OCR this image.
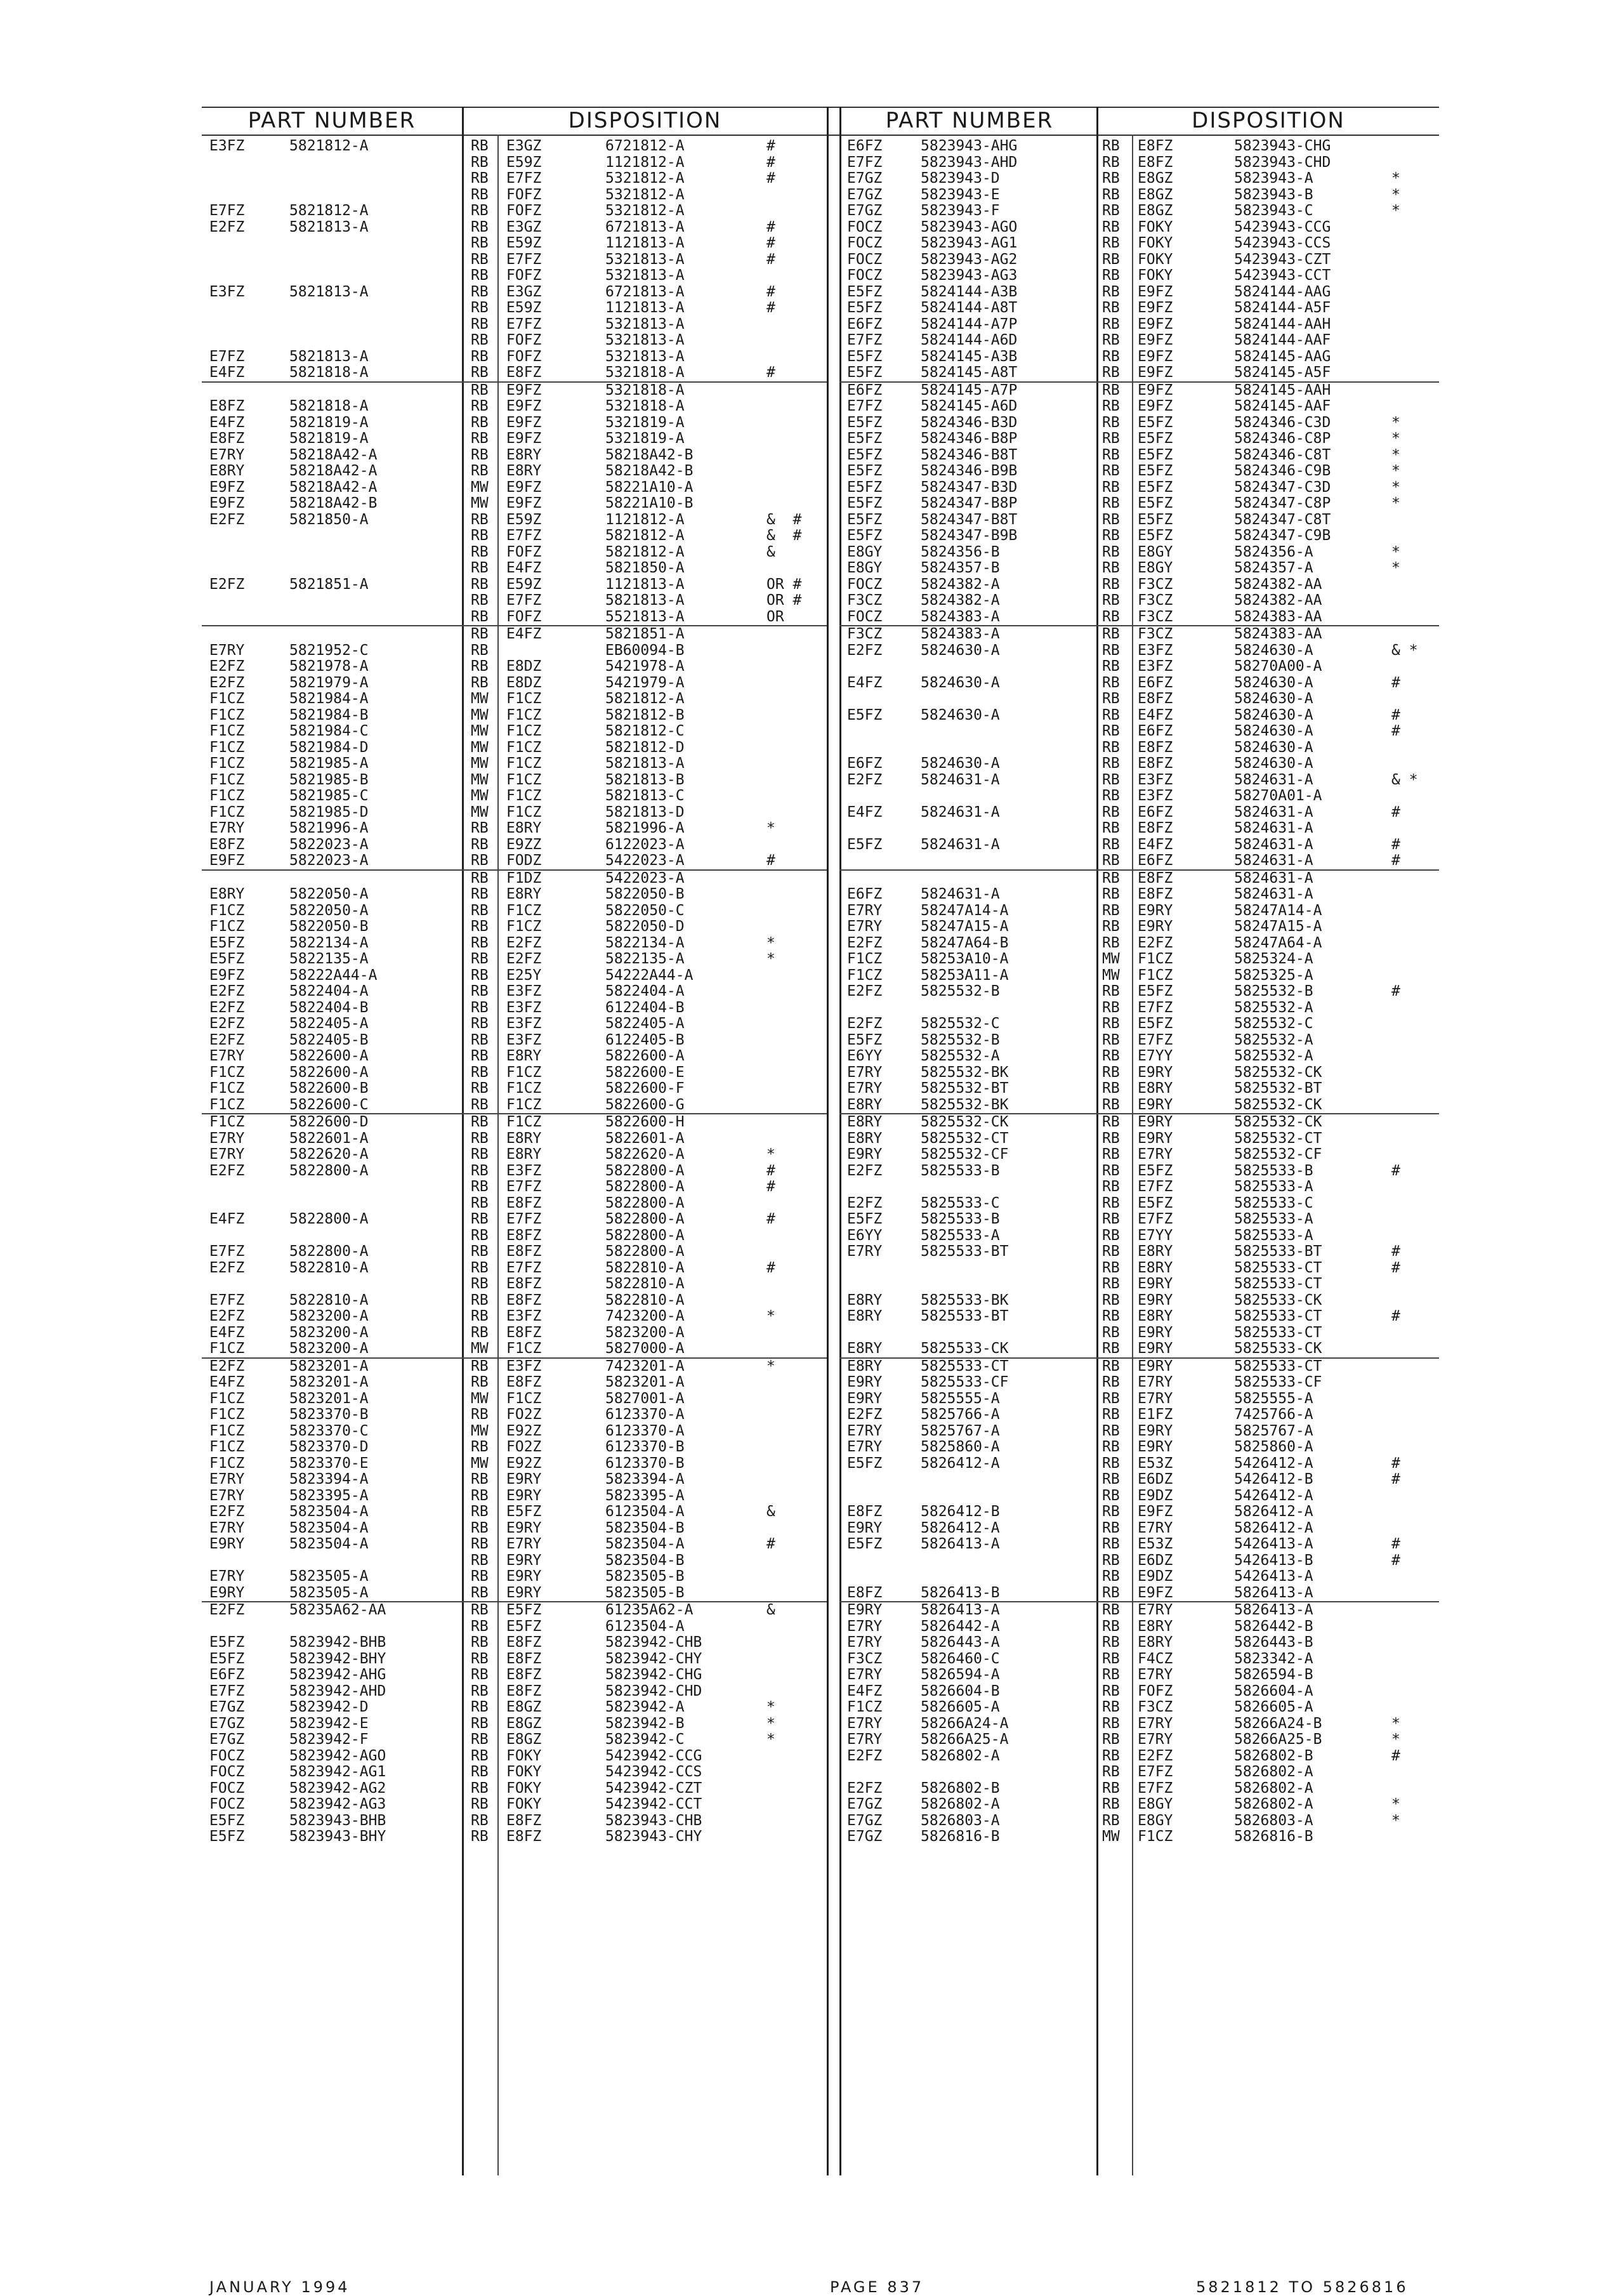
PART NUMBER	DISPOSITION	PART NUMBER	DISPOSITION
E3FZ	5821812-A	RB E3GZ	6721812-A	#
RB E59Z	1121812-A	#
RB E7FZ	5321812-A	#
RB FOFZ	5321812-A
E7FZ	5821812-A	RB FOFZ	5321812-A
E2FZ	5821813-A	RB E3GZ	6721813-A	#
RB E59Z	1121813-A	#
RB E7FZ	5321813-A	#
RB FOFZ	5321813-A
E3FZ	5821813-A	RB E3GZ	6721813-A	#
RB E59Z	1121813-A	#
RB E7FZ	5321813-A
RB FOFZ	5321813-A
E7FZ	5821813-A	RB FOFZ	5321813-A
E4FZ	5821818-A	RB E8FZ	5321818-A	#
RB E9FZ	5321818-A
E8FZ	5821818-A	RB E9FZ	5321818-A
E4FZ	5821819-A	RB E9FZ	5321819-A
E8FZ	5821819-A	RB E9FZ	5321819-A
E7RY	58218A42-A	RB E8RY	58218A42-B
E8RY	58218A42-A	RB E8RY	58218A42-B
E9FZ	58218A42-A	MW E9FZ	58221A10-A
E9FZ	58218A42-B	MW E9FZ	58221A10-B
E2FZ	5821850-A	RB E59Z	1121812-A	&  #
RB E7FZ	5821812-A	&  #
RB FOFZ	5821812-A	&
RB E4FZ	5821850-A
E2FZ	5821851-A	RB E59Z	1121813-A	OR #
RB E7FZ	5821813-A	OR #
RB FOFZ	5521813-A	OR
RB E4FZ	5821851-A
E7RY	5821952-C	RB	EB60094-B
E2FZ	5821978-A	RB E8DZ	5421978-A
E2FZ	5821979-A	RB E8DZ	5421979-A
F1CZ	5821984-A	MW F1CZ	5821812-A
F1CZ	5821984-B	MW F1CZ	5821812-B
F1CZ	5821984-C	MW F1CZ	5821812-C
F1CZ	5821984-D	MW F1CZ	5821812-D
F1CZ	5821985-A	MW F1CZ	5821813-A
F1CZ	5821985-B	MW F1CZ	5821813-B
F1CZ	5821985-C	MW F1CZ	5821813-C
F1CZ	5821985-D	MW F1CZ	5821813-D
E7RY	5821996-A	RB E8RY	5821996-A	*
E8FZ	5822023-A	RB E9ZZ	6122023-A
E9FZ	5822023-A	RB FODZ	5422023-A	#
RB F1DZ	5422023-A
E8RY	5822050-A	RB E8RY	5822050-B
F1CZ	5822050-A	RB F1CZ	5822050-C
F1CZ	5822050-B	RB F1CZ	5822050-D
E5FZ	5822134-A	RB E2FZ	5822134-A	*
E5FZ	5822135-A	RB E2FZ	5822135-A	*
E9FZ	58222A44-A	RB E25Y	54222A44-A
E2FZ	5822404-A	RB E3FZ	5822404-A
E2FZ	5822404-B	RB E3FZ	6122404-B
E2FZ	5822405-A	RB E3FZ	5822405-A
E2FZ	5822405-B	RB E3FZ	6122405-B
E7RY	5822600-A	RB E8RY	5822600-A
F1CZ	5822600-A	RB F1CZ	5822600-E
F1CZ	5822600-B	RB F1CZ	5822600-F
F1CZ	5822600-C	RB F1CZ	5822600-G
F1CZ	5822600-D	RB F1CZ	5822600-H
E7RY	5822601-A	RB E8RY	5822601-A
E7RY	5822620-A	RB E8RY	5822620-A	*
E2FZ	5822800-A	RB E3FZ	5822800-A	#
RB E7FZ	5822800-A	#
RB E8FZ	5822800-A
E4FZ	5822800-A	RB E7FZ	5822800-A	#
RB E8FZ	5822800-A
E7FZ	5822800-A	RB E8FZ	5822800-A
E2FZ	5822810-A	RB E7FZ	5822810-A	#
RB E8FZ	5822810-A
E7FZ	5822810-A	RB E8FZ	5822810-A
E2FZ	5823200-A	RB E3FZ	7423200-A	*
E4FZ	5823200-A	RB E8FZ	5823200-A
F1CZ	5823200-A	MW F1CZ	5827000-A
E2FZ	5823201-A	RB E3FZ	7423201-A	*
E4FZ	5823201-A	RB E8FZ	5823201-A
F1CZ	5823201-A	MW F1CZ	5827001-A
F1CZ	5823370-B	RB FO2Z	6123370-A
F1CZ	5823370-C	MW E92Z	6123370-A
F1CZ	5823370-D	RB FO2Z	6123370-B
F1CZ	5823370-E	MW E92Z	6123370-B
E7RY	5823394-A	RB E9RY	5823394-A
E7RY	5823395-A	RB E9RY	5823395-A
E2FZ	5823504-A	RB E5FZ	6123504-A	&
E7RY	5823504-A	RB E9RY	5823504-B
E9RY	5823504-A	RB E7RY	5823504-A	#
RB E9RY	5823504-B
E7RY	5823505-A	RB E9RY	5823505-B
E9RY	5823505-A	RB E9RY	5823505-B
E2FZ	58235A62-AA	RB E5FZ	61235A62-A	&
RB E5FZ	6123504-A
E5FZ	5823942-BHB	RB E8FZ	5823942-CHB
E5FZ	5823942-BHY	RB E8FZ	5823942-CHY
E6FZ	5823942-AHG	RB E8FZ	5823942-CHG
E7FZ	5823942-AHD	RB E8FZ	5823942-CHD
E7GZ	5823942-D	RB E8GZ	5823942-A	*
E7GZ	5823942-E	RB E8GZ	5823942-B	*
E7GZ	5823942-F	RB E8GZ	5823942-C	*
FOCZ	5823942-AGO	RB FOKY	5423942-CCG
FOCZ	5823942-AG1	RB FOKY	5423942-CCS
FOCZ	5823942-AG2	RB FOKY	5423942-CZT
FOCZ	5823942-AG3	RB FOKY	5423942-CCT
E5FZ	5823943-BHB	RB E8FZ	5823943-CHB
E5FZ	5823943-BHY	RB E8FZ	5823943-CHY
E6FZ	5823943-AHG	RB E8FZ	5823943-CHG
E7FZ	5823943-AHD	RB E8FZ	5823943-CHD
E7GZ	5823943-D	RB E8GZ	5823943-A	*
E7GZ	5823943-E	RB E8GZ	5823943-B	*
E7GZ	5823943-F	RB E8GZ	5823943-C	*
FOCZ	5823943-AGO	RB FOKY	5423943-CCG
FOCZ	5823943-AG1	RB FOKY	5423943-CCS
FOCZ	5823943-AG2	RB FOKY	5423943-CZT
FOCZ	5823943-AG3	RB FOKY	5423943-CCT
E5FZ	5824144-A3B	RB E9FZ	5824144-AAG
E5FZ	5824144-A8T	RB E9FZ	5824144-A5F
E6FZ	5824144-A7P	RB E9FZ	5824144-AAH
E7FZ	5824144-A6D	RB E9FZ	5824144-AAF
E5FZ	5824145-A3B	RB E9FZ	5824145-AAG
E5FZ	5824145-A8T	RB E9FZ	5824145-A5F
E6FZ	5824145-A7P	RB E9FZ	5824145-AAH
E7FZ	5824145-A6D	RB E9FZ	5824145-AAF
E5FZ	5824346-B3D	RB E5FZ	5824346-C3D	*
E5FZ	5824346-B8P	RB E5FZ	5824346-C8P	*
E5FZ	5824346-B8T	RB E5FZ	5824346-C8T	*
E5FZ	5824346-B9B	RB E5FZ	5824346-C9B	*
E5FZ	5824347-B3D	RB E5FZ	5824347-C3D	*
E5FZ	5824347-B8P	RB E5FZ	5824347-C8P	*
E5FZ	5824347-B8T	RB E5FZ	5824347-C8T
E5FZ	5824347-B9B	RB E5FZ	5824347-C9B
E8GY	5824356-B	RB E8GY	5824356-A	*
E8GY	5824357-B	RB E8GY	5824357-A	*
FOCZ	5824382-A	RB F3CZ	5824382-AA
F3CZ	5824382-A	RB F3CZ	5824382-AA
FOCZ	5824383-A	RB F3CZ	5824383-AA
F3CZ	5824383-A	RB F3CZ	5824383-AA
E2FZ	5824630-A	RB E3FZ	5824630-A	& *
RB E3FZ	58270A00-A
E4FZ	5824630-A	RB E6FZ	5824630-A	#
RB E8FZ	5824630-A
E5FZ	5824630-A	RB E4FZ	5824630-A	#
RB E6FZ	5824630-A	#
RB E8FZ	5824630-A
E6FZ	5824630-A	RB E8FZ	5824630-A
E2FZ	5824631-A	RB E3FZ	5824631-A	& *
RB E3FZ	58270A01-A
E4FZ	5824631-A	RB E6FZ	5824631-A	#
RB E8FZ	5824631-A
E5FZ	5824631-A	RB E4FZ	5824631-A	#
RB E6FZ	5824631-A	#
RB E8FZ	5824631-A
E6FZ	5824631-A	RB E8FZ	5824631-A
E7RY	58247A14-A	RB E9RY	58247A14-A
E7RY	58247A15-A	RB E9RY	58247A15-A
E2FZ	58247A64-B	RB E2FZ	58247A64-A
F1CZ	58253A10-A	MW F1CZ	5825324-A
F1CZ	58253A11-A	MW F1CZ	5825325-A
E2FZ	5825532-B	RB E5FZ	5825532-B	#
RB E7FZ	5825532-A
E2FZ	5825532-C	RB E5FZ	5825532-C
E5FZ	5825532-B	RB E7FZ	5825532-A
E6YY	5825532-A	RB E7YY	5825532-A
E7RY	5825532-BK	RB E9RY	5825532-CK
E7RY	5825532-BT	RB E8RY	5825532-BT
E8RY	5825532-BK	RB E9RY	5825532-CK
E8RY	5825532-CK	RB E9RY	5825532-CK
E8RY	5825532-CT	RB E9RY	5825532-CT
E9RY	5825532-CF	RB E7RY	5825532-CF
E2FZ	5825533-B	RB E5FZ	5825533-B	#
RB E7FZ	5825533-A
E2FZ	5825533-C	RB E5FZ	5825533-C
E5FZ	5825533-B	RB E7FZ	5825533-A
E6YY	5825533-A	RB E7YY	5825533-A
E7RY	5825533-BT	RB E8RY	5825533-BT	#
RB E8RY	5825533-CT	#
RB E9RY	5825533-CT
E8RY	5825533-BK	RB E9RY	5825533-CK
E8RY	5825533-BT	RB E8RY	5825533-CT	#
RB E9RY	5825533-CT
E8RY	5825533-CK	RB E9RY	5825533-CK
E8RY	5825533-CT	RB E9RY	5825533-CT
E9RY	5825533-CF	RB E7RY	5825533-CF
E9RY	5825555-A	RB E7RY	5825555-A
E2FZ	5825766-A	RB E1FZ	7425766-A
E7RY	5825767-A	RB E9RY	5825767-A
E7RY	5825860-A	RB E9RY	5825860-A
E5FZ	5826412-A	RB E53Z	5426412-A	#
RB E6DZ	5426412-B	#
RB E9DZ	5426412-A
E8FZ	5826412-B	RB E9FZ	5826412-A
E9RY	5826412-A	RB E7RY	5826412-A
E5FZ	5826413-A	RB E53Z	5426413-A	#
RB E6DZ	5426413-B	#
RB E9DZ	5426413-A
E8FZ	5826413-B	RB E9FZ	5826413-A
E9RY	5826413-A	RB E7RY	5826413-A
E7RY	5826442-A	RB E8RY	5826442-B
E7RY	5826443-A	RB E8RY	5826443-B
F3CZ	5826460-C	RB F4CZ	5823342-A
E7RY	5826594-A	RB E7RY	5826594-B
E4FZ	5826604-B	RB FOFZ	5826604-A
F1CZ	5826605-A	RB F3CZ	5826605-A
E7RY	58266A24-A	RB E7RY	58266A24-B	*
E7RY	58266A25-A	RB E7RY	58266A25-B	*
E2FZ	5826802-A	RB E2FZ	5826802-B	#
RB E7FZ	5826802-A
E2FZ	5826802-B	RB E7FZ	5826802-A
E7GZ	5826802-A	RB E8GY	5826802-A	*
E7GZ	5826803-A	RB E8GY	5826803-A	*
E7GZ	5826816-B	MW F1CZ	5826816-B
JANUARY 1994	PAGE 837	5821812 TO 5826816
